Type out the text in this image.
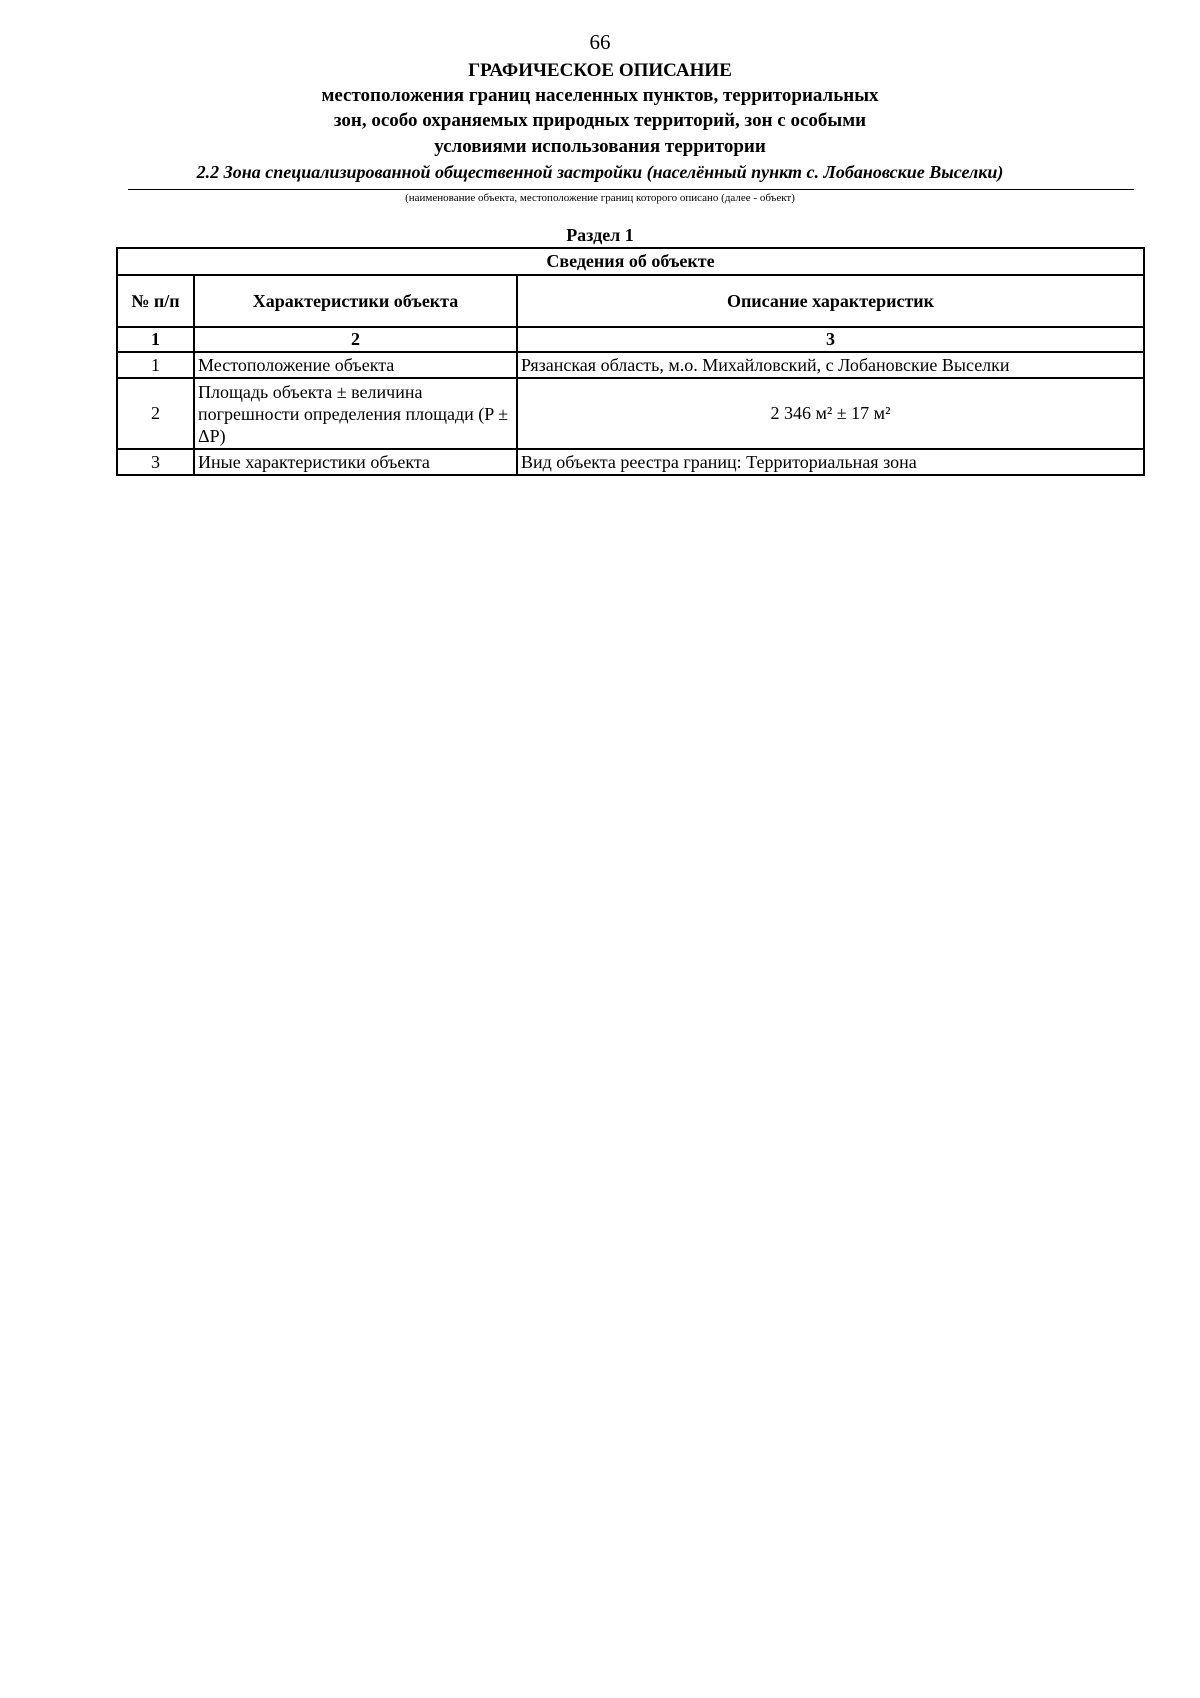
66
ГРАФИЧЕСКОЕ ОПИСАНИЕ
местоположения границ населенных пунктов, территориальных
зон, особо охраняемых природных территорий, зон с особыми
условиями использования территории
2.2 Зона специализированной общественной застройки (населённый пункт с. Лобановские Выселки)
(наименование объекта, местоположение границ которого описано (далее - объект)
Раздел 1
Сведения об объекте		
№ п/п	Характеристики объекта	Описание характеристик
1	2	3
1	Местоположение объекта	Рязанская область, м.о. Михайловский, с Лобановские Выселки
2	Площадь объекта ± величина погрешности определения площади (P ± ΔP)	2 346 м² ± 17 м²
3	Иные характеристики объекта	Вид объекта реестра границ: Территориальная зона
